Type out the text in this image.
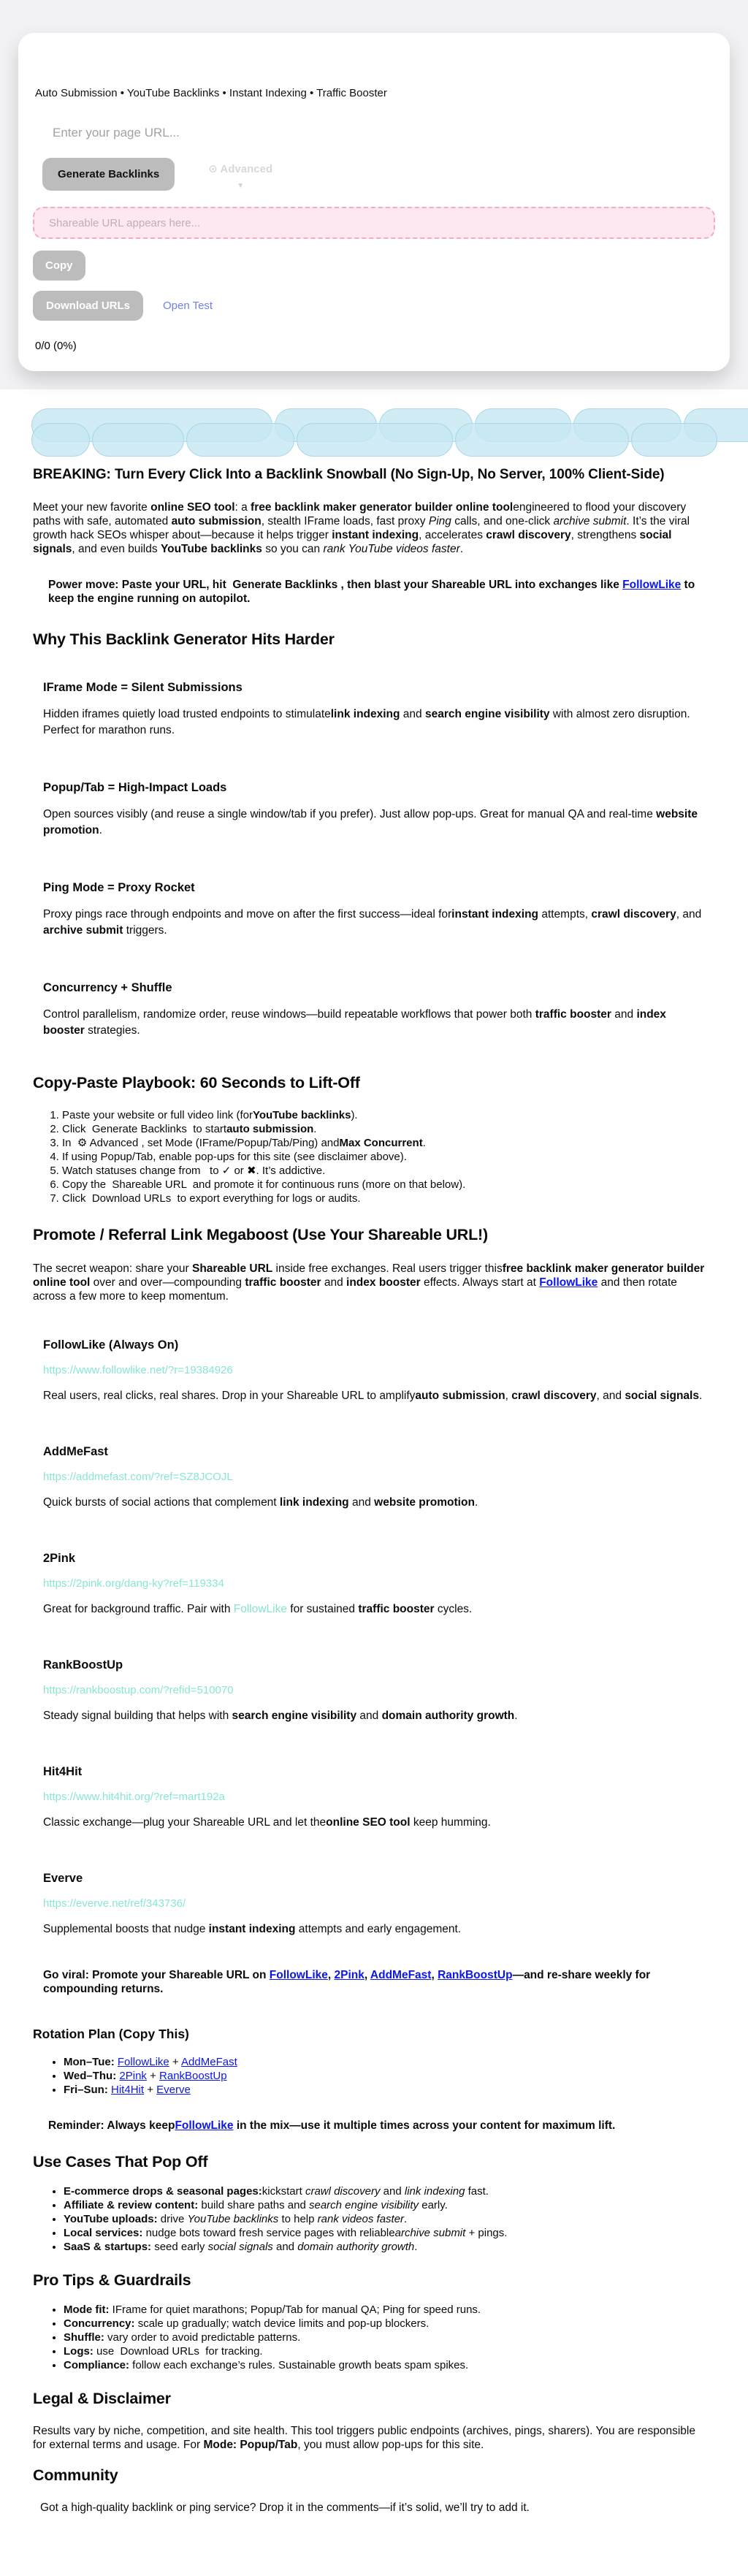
Auto Submission • YouTube Backlinks • Instant Indexing • Traffic Booster
Enter your page URL...
Generate Backlinks	⊙ Advanced
▼
Shareable URL appears here...
Copy
Download URLs	Open Test
0/0 (0%)
BREAKING: Turn Every Click Into a Backlink Snowball (No Sign-Up, No Server, 100% Client-Side)

Meet your new favorite online SEO tool: a free backlink maker generator builder online toolengineered to flood your discovery paths with safe, automated auto submission, stealth IFrame loads, fast proxy Ping calls, and one-click archive submit. It’s the viral growth hack SEOs whisper about—because it helps trigger instant indexing, accelerates crawl discovery, strengthens social signals, and even builds YouTube backlinks so you can rank YouTube videos faster.

Power move: Paste your URL, hit  Generate Backlinks , then blast your Shareable URL into exchanges like FollowLike to keep the engine running on autopilot.

Why This Backlink Generator Hits Harder
IFrame Mode = Silent Submissions

Hidden iframes quietly load trusted endpoints to stimulatelink indexing and search engine visibility with almost zero disruption. Perfect for marathon runs.

Popup/Tab = High-Impact Loads

Open sources visibly (and reuse a single window/tab if you prefer). Just allow pop-ups. Great for manual QA and real-time website promotion.

Ping Mode = Proxy Rocket

Proxy pings race through endpoints and move on after the first success—ideal forinstant indexing attempts, crawl discovery, and archive submit triggers.

Concurrency + Shuffle

Control parallelism, randomize order, reuse windows—build repeatable workflows that power both traffic booster and index booster strategies.

Copy-Paste Playbook: 60 Seconds to Lift-Off
1. Paste your website or full video link (forYouTube backlinks).
2. Click  Generate Backlinks  to startauto submission.
3. In  ⚙ Advanced , set Mode (IFrame/Popup/Tab/Ping) andMax Concurrent.
4. If using Popup/Tab, enable pop-ups for this site (see disclaimer above).
5. Watch statuses change from   to ✓ or ✖. It’s addictive.
6. Copy the  Shareable URL  and promote it for continuous runs (more on that below).
7. Click  Download URLs  to export everything for logs or audits.
Promote / Referral Link Megaboost (Use Your Shareable URL!)

The secret weapon: share your Shareable URL inside free exchanges. Real users trigger thisfree backlink maker generator builder online tool over and over—compounding traffic booster and index booster effects. Always start at FollowLike and then rotate across a few more to keep momentum.

FollowLike (Always On)
https://www.followlike.net/?r=19384926

Real users, real clicks, real shares. Drop in your Shareable URL to amplifyauto submission, crawl discovery, and social signals.

AddMeFast
https://addmefast.com/?ref=SZ8JCOJL

Quick bursts of social actions that complement link indexing and website promotion.

2Pink
https://2pink.org/dang-ky?ref=119334

Great for background traffic. Pair with FollowLike for sustained traffic booster cycles.

RankBoostUp
https://rankboostup.com/?refid=510070

Steady signal building that helps with search engine visibility and domain authority growth.

Hit4Hit
https://www.hit4hit.org/?ref=mart192a

Classic exchange—plug your Shareable URL and let theonline SEO tool keep humming.

Everve
https://everve.net/ref/343736/

Supplemental boosts that nudge instant indexing attempts and early engagement.

Go viral: Promote your Shareable URL on FollowLike, 2Pink, AddMeFast, RankBoostUp—and re-share weekly for compounding returns.

Rotation Plan (Copy This)
• Mon–Tue: FollowLike + AddMeFast
• Wed–Thu: 2Pink + RankBoostUp
• Fri–Sun: Hit4Hit + Everve

Reminder: Always keepFollowLike in the mix—use it multiple times across your content for maximum lift.

Use Cases That Pop Off
• E-commerce drops & seasonal pages:kickstart crawl discovery and link indexing fast.
• Affiliate & review content: build share paths and search engine visibility early.
• YouTube uploads: drive YouTube backlinks to help rank videos faster.
• Local services: nudge bots toward fresh service pages with reliablearchive submit + pings.
• SaaS & startups: seed early social signals and domain authority growth.
Pro Tips & Guardrails
• Mode fit: IFrame for quiet marathons; Popup/Tab for manual QA; Ping for speed runs.
• Concurrency: scale up gradually; watch device limits and pop-up blockers.
• Shuffle: vary order to avoid predictable patterns.
• Logs: use  Download URLs  for tracking.
• Compliance: follow each exchange’s rules. Sustainable growth beats spam spikes.
Legal & Disclaimer

Results vary by niche, competition, and site health. This tool triggers public endpoints (archives, pings, sharers). You are responsible for external terms and usage. For Mode: Popup/Tab, you must allow pop-ups for this site.

Community

Got a high-quality backlink or ping service? Drop it in the comments—if it’s solid, we’ll try to add it.
